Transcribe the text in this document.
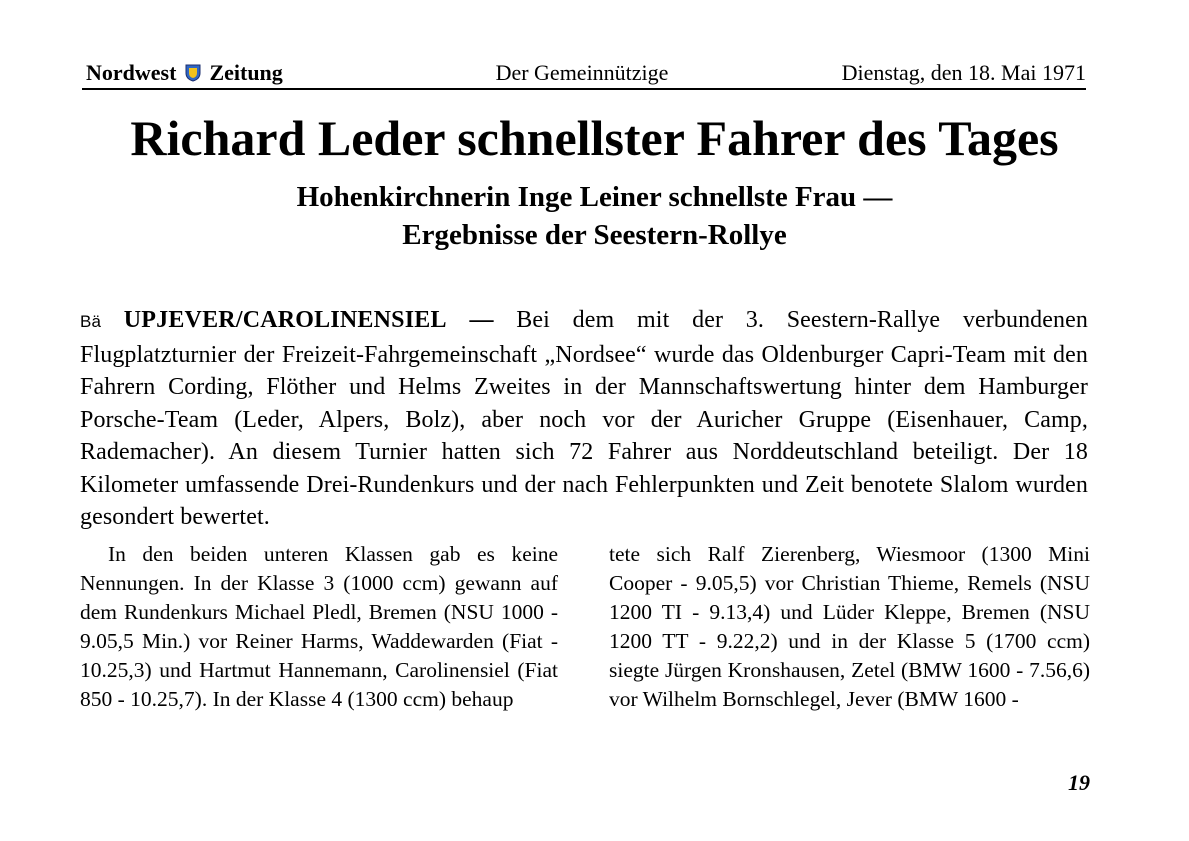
Nordwest Zeitung	Der Gemeinnützige	Dienstag, den 18. Mai 1971
Richard Leder schnellster Fahrer des Tages
Hohenkirchnerin Inge Leiner schnellste Frau —
Ergebnisse der Seestern-Rollye

Bä UPJEVER/CAROLINENSIEL — Bei dem mit der 3. Seestern-Rallye verbundenen Flugplatzturnier der Freizeit-Fahrgemeinschaft „Nordsee“ wurde das Oldenburger Capri-Team mit den Fahrern Cording, Flöther und Helms Zweites in der Mannschaftswertung hinter dem Hamburger Porsche-Team (Leder, Alpers, Bolz), aber noch vor der Auricher Gruppe (Eisenhauer, Camp, Rademacher). An diesem Turnier hatten sich 72 Fahrer aus Norddeutschland beteiligt. Der 18 Kilometer umfassende Drei-Rundenkurs und der nach Fehlerpunkten und Zeit benotete Slalom wurden gesondert bewertet.

In den beiden unteren Klassen gab es keine Nennungen. In der Klasse 3 (1000 ccm) gewann auf dem Rundenkurs Michael Pledl, Bremen (NSU 1000 - 9.05,5 Min.) vor Reiner Harms, Waddewarden (Fiat - 10.25,3) und Hartmut Hannemann, Carolinensiel (Fiat 850 - 10.25,7). In der Klasse 4 (1300 ccm) behaup

tete sich Ralf Zierenberg, Wiesmoor (1300 Mini Cooper - 9.05,5) vor Christian Thieme, Remels (NSU 1200 TI - 9.13,4) und Lüder Kleppe, Bremen (NSU 1200 TT - 9.22,2) und in der Klasse 5 (1700 ccm) siegte Jürgen Kronshausen, Zetel (BMW 1600 - 7.56,6) vor Wilhelm Bornschlegel, Jever (BMW 1600 -

19
